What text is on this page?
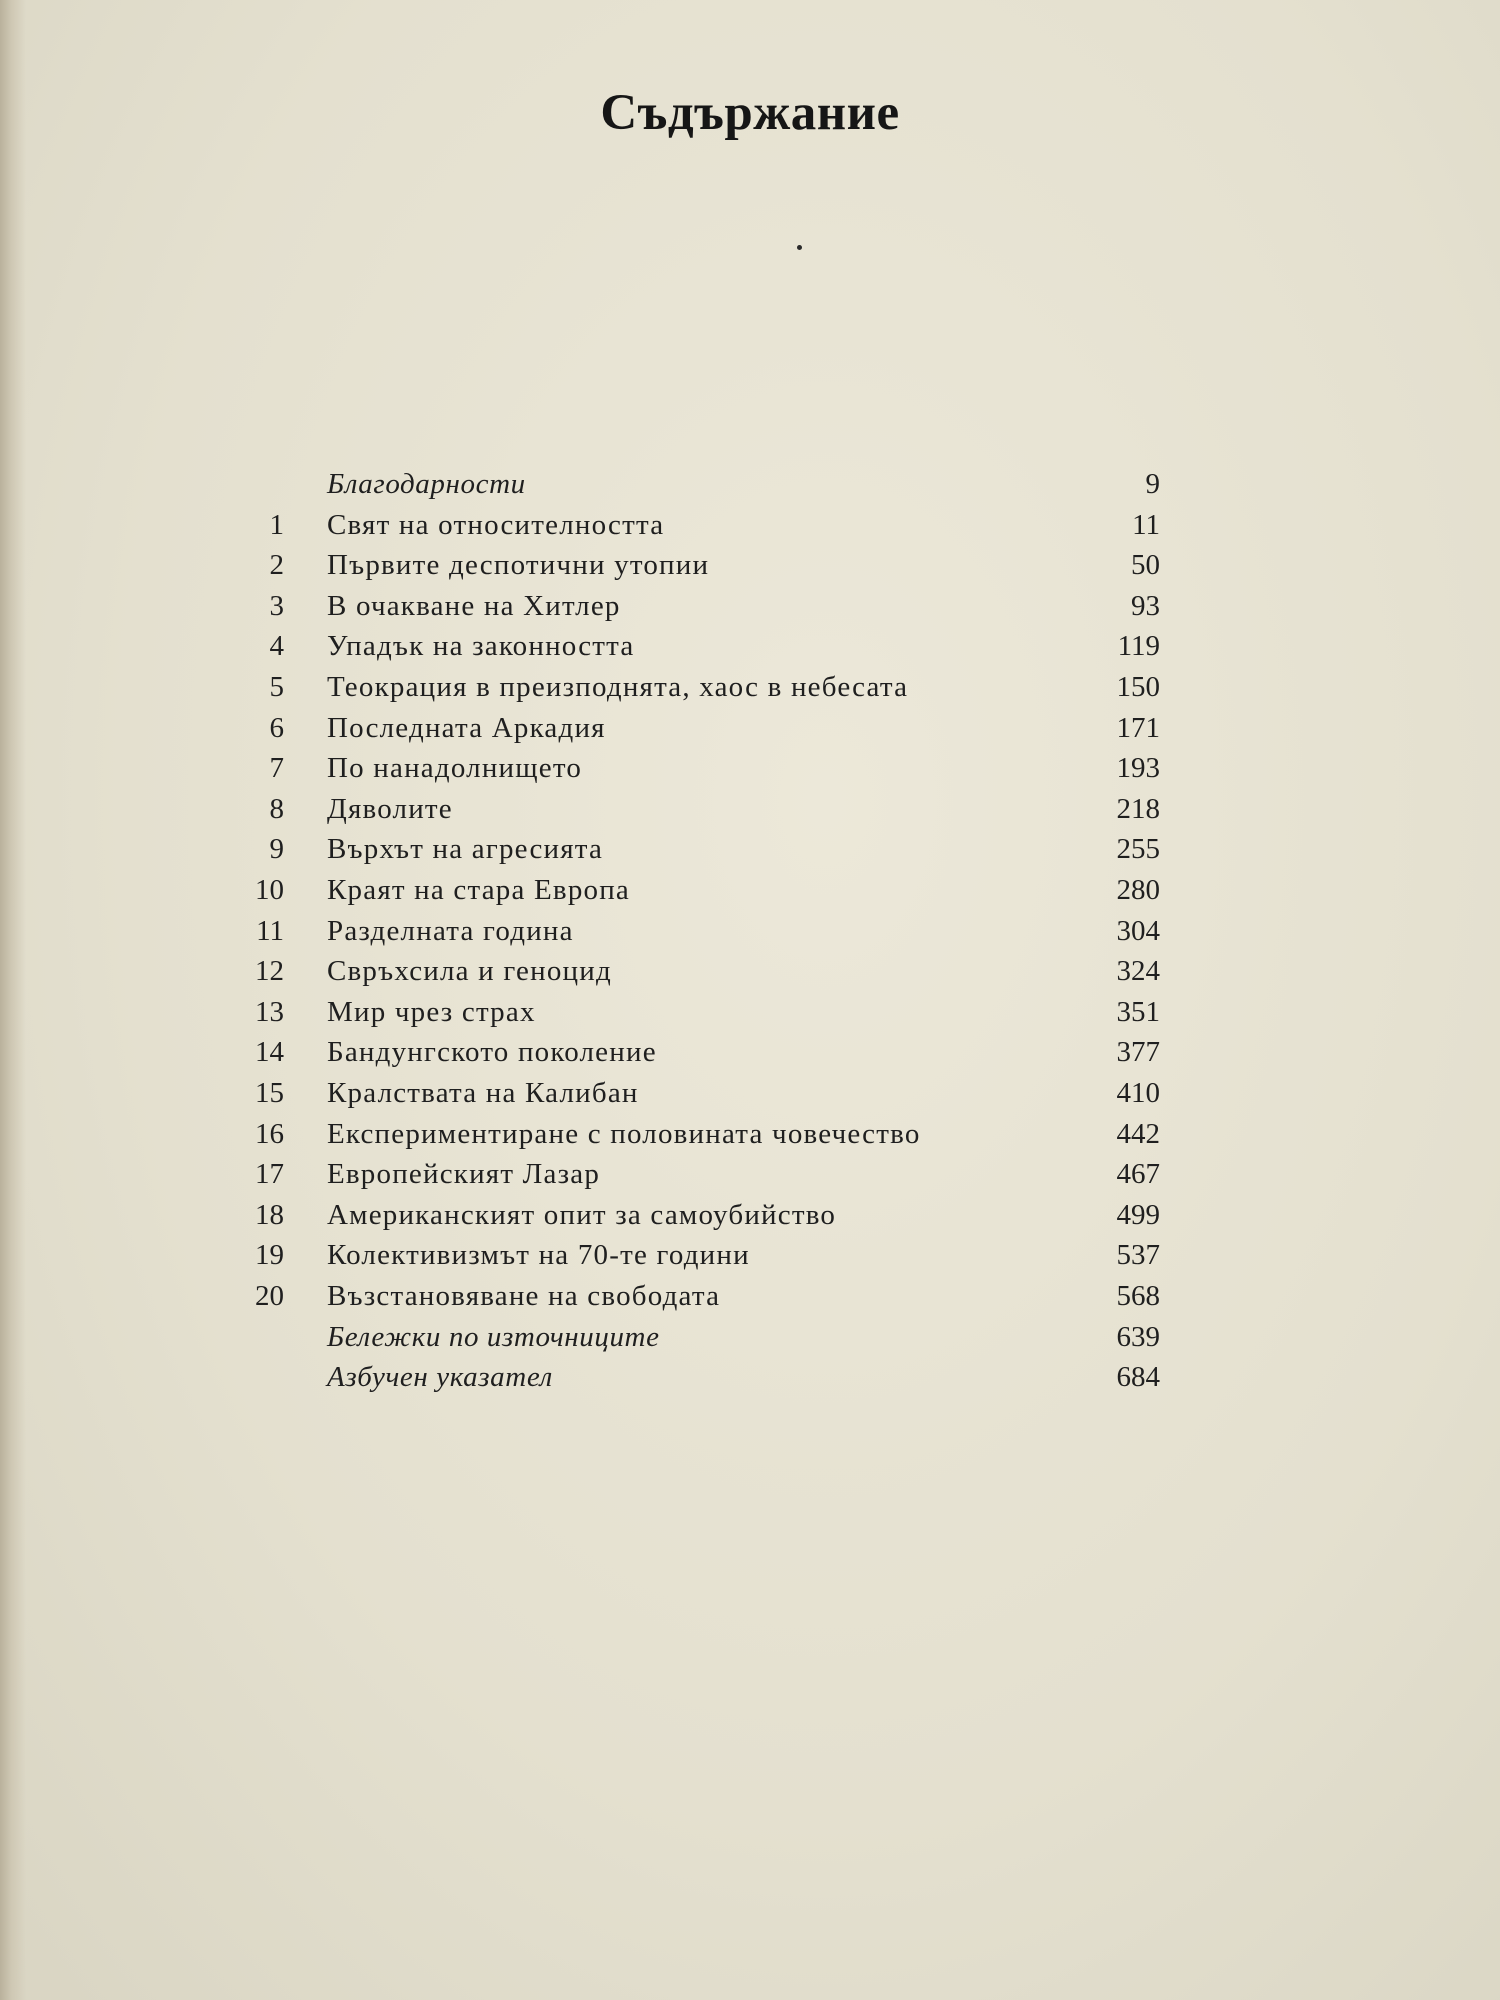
Съдържание
Благодарности	9
1 Свят на относителността	11
2 Първите деспотични утопии	50
3 В очакване на Хитлер	93
4 Упадък на законността	119
5 Теокрация в преизподнята, хаос в небесата	150
6 Последната Аркадия	171
7 По нанадолнището	193
8 Дяволите	218
9 Върхът на агресията	255
10 Краят на стара Европа	280
11 Разделната година	304
12 Свръхсила и геноцид	324
13 Мир чрез страх	351
14 Бандунгското поколение	377
15 Кралствата на Калибан	410
16 Експериментиране с половината човечество	442
17 Европейският Лазар	467
18 Американският опит за самоубийство	499
19 Колективизмът на 70-те години	537
20 Възстановяване на свободата	568
Бележки по източниците	639
Азбучен указател	684
